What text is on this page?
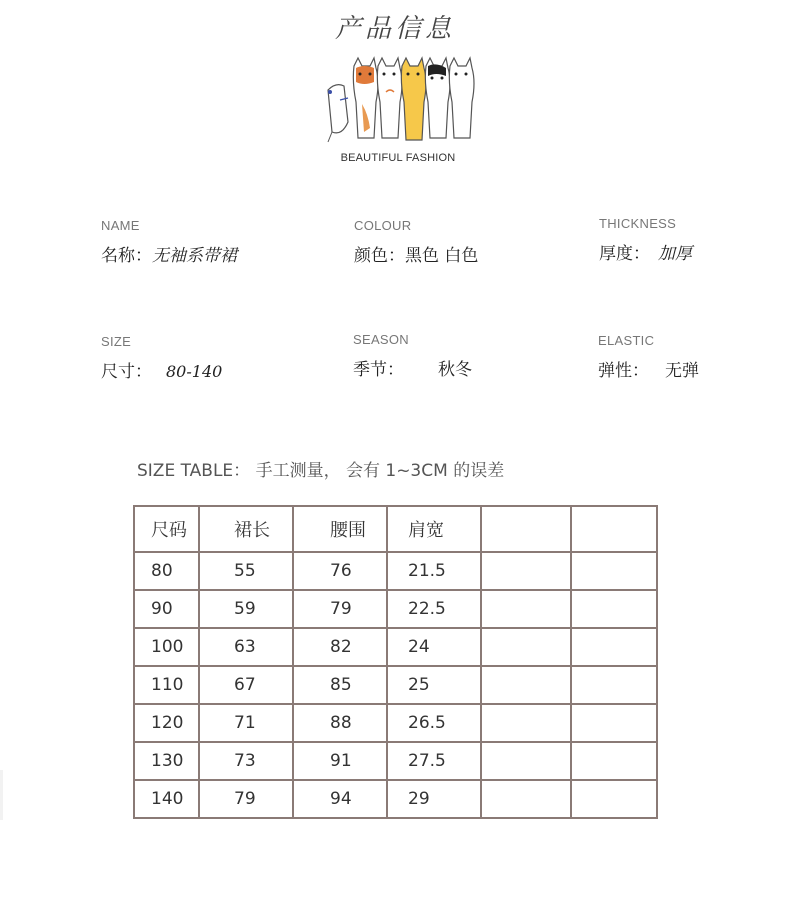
产品信息
BEAUTIFUL FASHION
NAME
名称：无袖系带裙
COLOUR
颜色：黑色 白色
THICKNESS
厚度： 加厚
SIZE
尺寸： 80-140
SEASON
季节： 秋冬
ELASTIC
弹性： 无弹
SIZE TABLE： 手工测量， 会有 1~3CM 的误差
尺码	裙长	腰围	肩宽		
80	55	76	21.5		
90	59	79	22.5		
100	63	82	24		
110	67	85	25		
120	71	88	26.5		
130	73	91	27.5		
140	79	94	29		
